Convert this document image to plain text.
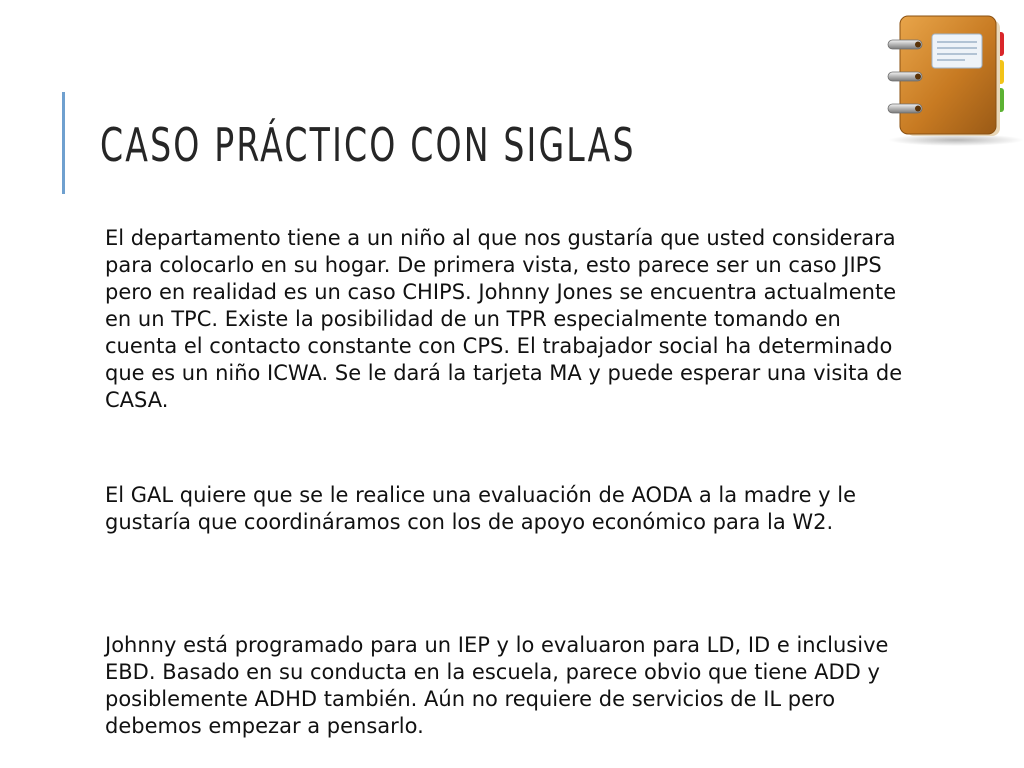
CASO PRÁCTICO CON SIGLAS

El departamento tiene a un niño al que nos gustaría que usted considerara para colocarlo en su hogar. De primera vista, esto parece ser un caso JIPS pero en realidad es un caso CHIPS. Johnny Jones se encuentra actualmente en un TPC. Existe la posibilidad de un TPR especialmente tomando en cuenta el contacto constante con CPS. El trabajador social ha determinado que es un niño ICWA. Se le dará la tarjeta MA y puede esperar una visita de CASA.

El GAL quiere que se le realice una evaluación de AODA a la madre y le gustaría que coordináramos con los de apoyo económico para la W2.

Johnny está programado para un IEP y lo evaluaron para LD, ID e inclusive EBD. Basado en su conducta en la escuela, parece obvio que tiene ADD y posiblemente ADHD también. Aún no requiere de servicios de IL pero debemos empezar a pensarlo.
